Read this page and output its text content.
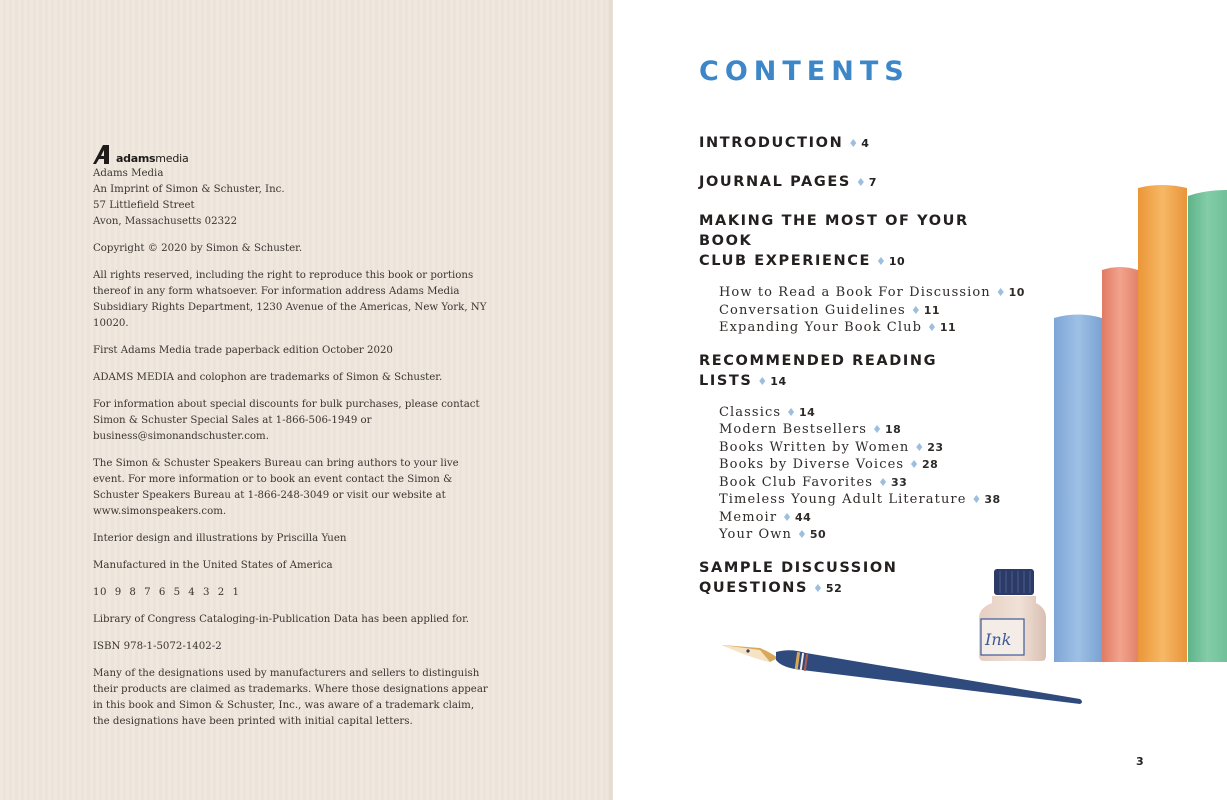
adams media
Adams Media
An Imprint of Simon & Schuster, Inc.
57 Littlefield Street
Avon, Massachusetts 02322

Copyright © 2020 by Simon & Schuster.

All rights reserved, including the right to reproduce this book or portions thereof in any form whatsoever. For information address Adams Media Subsidiary Rights Department, 1230 Avenue of the Americas, New York, NY 10020.

First Adams Media trade paperback edition October 2020

ADAMS MEDIA and colophon are trademarks of Simon & Schuster.

For information about special discounts for bulk purchases, please contact Simon & Schuster Special Sales at 1-866-506-1949 or business@simonandschuster.com.

The Simon & Schuster Speakers Bureau can bring authors to your live event. For more information or to book an event contact the Simon & Schuster Speakers Bureau at 1-866-248-3049 or visit our website at www.simonspeakers.com.

Interior design and illustrations by Priscilla Yuen

Manufactured in the United States of America

10 9 8 7 6 5 4 3 2 1

Library of Congress Cataloging-in-Publication Data has been applied for.

ISBN 978-1-5072-1402-2

Many of the designations used by manufacturers and sellers to distinguish their products are claimed as trademarks. Where those designations appear in this book and Simon & Schuster, Inc., was aware of a trademark claim, the designations have been printed with initial capital letters.

CONTENTS
INTRODUCTION ♦ 4
JOURNAL PAGES ♦ 7
MAKING THE MOST OF YOUR BOOK
CLUB EXPERIENCE ♦ 10
How to Read a Book For Discussion ♦ 10
Conversation Guidelines ♦ 11
Expanding Your Book Club ♦ 11
RECOMMENDED READING LISTS ♦ 14
Classics ♦ 14
Modern Bestsellers ♦ 18
Books Written by Women ♦ 23
Books by Diverse Voices ♦ 28
Book Club Favorites ♦ 33
Timeless Young Adult Literature ♦ 38
Memoir ♦ 44
Your Own ♦ 50
SAMPLE DISCUSSION QUESTIONS ♦ 52
Ink
3
